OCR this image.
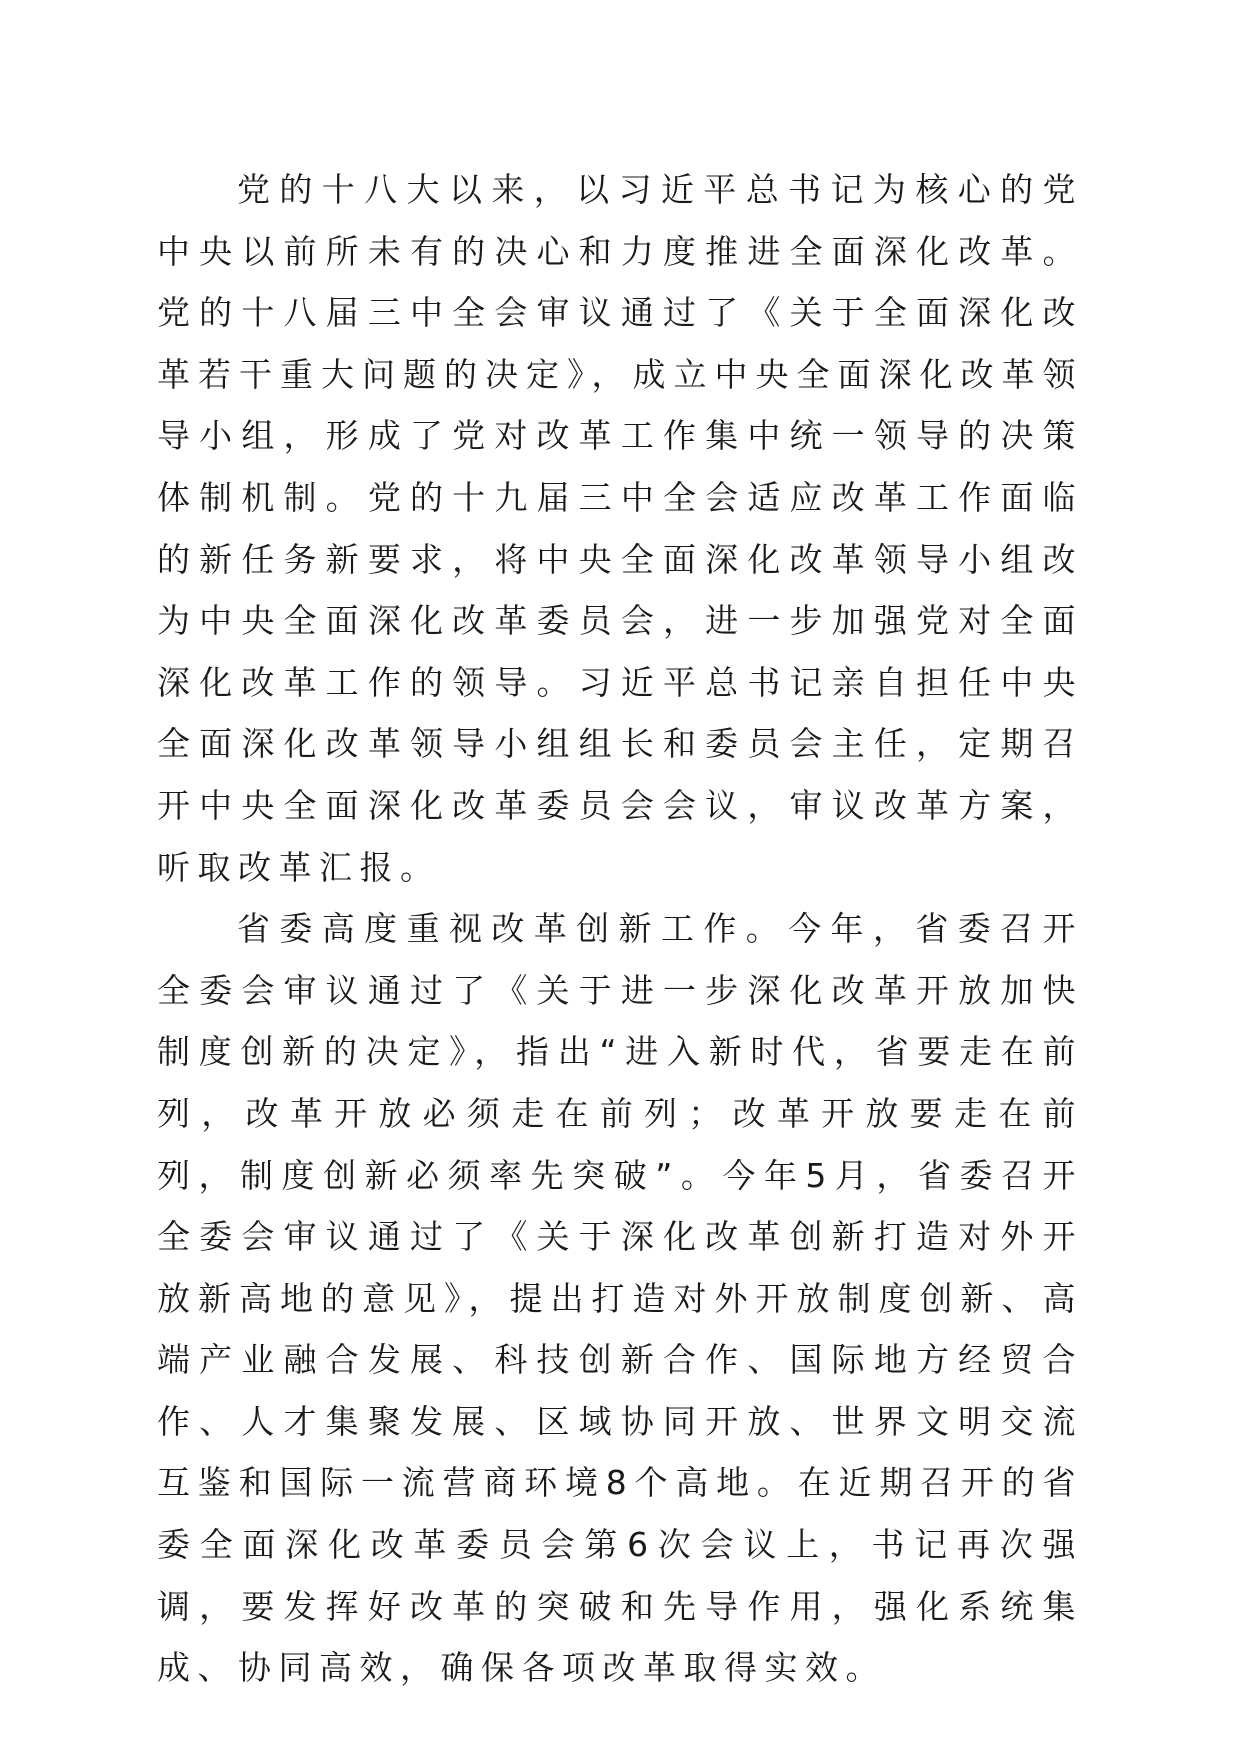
党的十八大以来，以习近平总书记为核心的党中央以前所未有的决心和力度推进全面深化改革。党的十八届三中全会审议通过了《关于全面深化改革若干重大问题的决定》，成立中央全面深化改革领导小组，形成了党对改革工作集中统一领导的决策体制机制。党的十九届三中全会适应改革工作面临的新任务新要求，将中央全面深化改革领导小组改为中央全面深化改革委员会，进一步加强党对全面深化改革工作的领导。习近平总书记亲自担任中央全面深化改革领导小组组长和委员会主任，定期召开中央全面深化改革委员会会议，审议改革方案，听取改革汇报。

省委高度重视改革创新工作。今年，省委召开全委会审议通过了《关于进一步深化改革开放加快制度创新的决定》，指出“进入新时代，省要走在前列，改革开放必须走在前列；改革开放要走在前列，制度创新必须率先突破”。今年5月，省委召开全委会审议通过了《关于深化改革创新打造对外开放新高地的意见》，提出打造对外开放制度创新、高端产业融合发展、科技创新合作、国际地方经贸合作、人才集聚发展、区域协同开放、世界文明交流互鉴和国际一流营商环境8个高地。在近期召开的省委全面深化改革委员会第6次会议上，书记再次强调，要发挥好改革的突破和先导作用，强化系统集成、协同高效，确保各项改革取得实效。
